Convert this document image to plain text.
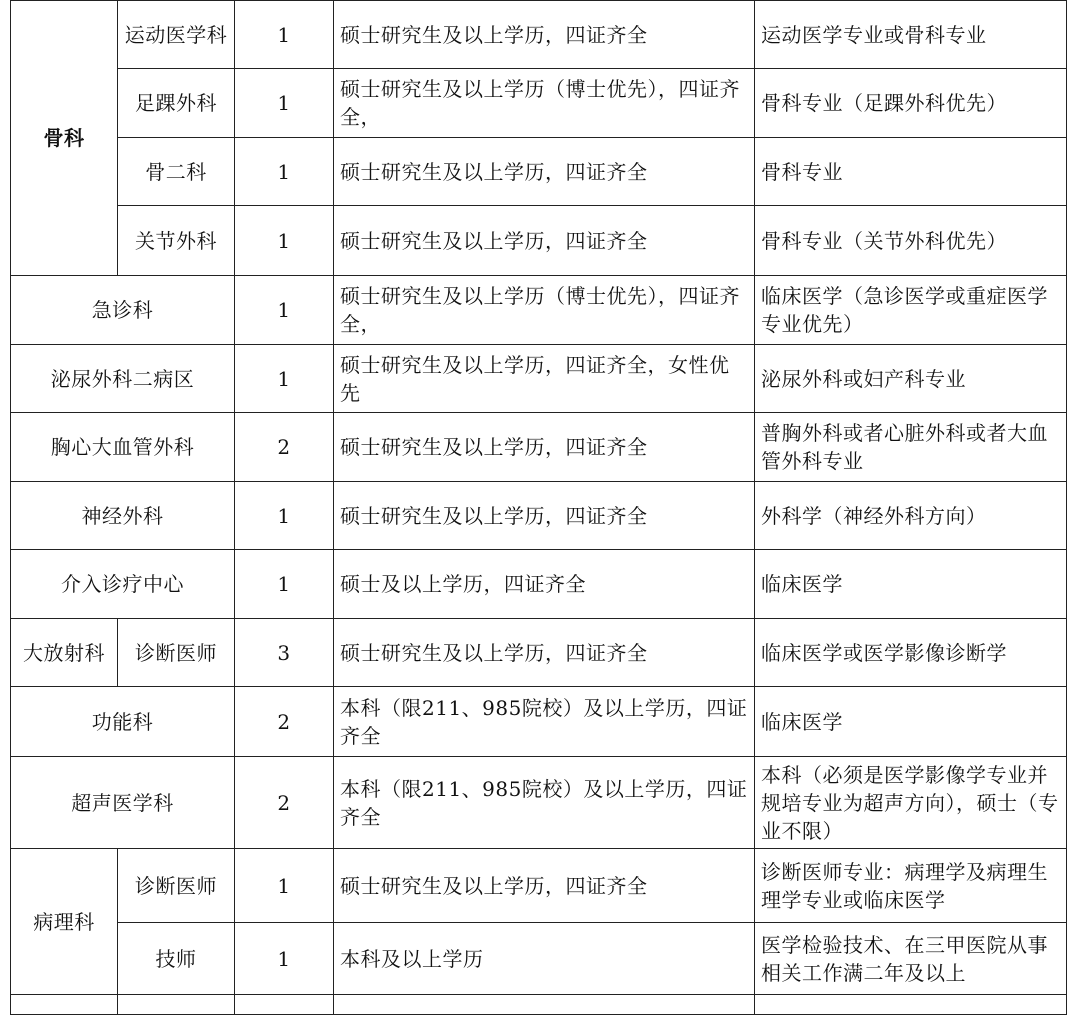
骨科	运动医学科	1	硕士研究生及以上学历，四证齐全	运动医学专业或骨科专业
	足踝外科	1	硕士研究生及以上学历（博士优先），四证齐全，	骨科专业（足踝外科优先）
	骨二科	1	硕士研究生及以上学历，四证齐全	骨科专业
	关节外科	1	硕士研究生及以上学历，四证齐全	骨科专业（关节外科优先）
急诊科		1	硕士研究生及以上学历（博士优先），四证齐全，	临床医学（急诊医学或重症医学专业优先）
泌尿外科二病区		1	硕士研究生及以上学历，四证齐全，女性优先	泌尿外科或妇产科专业
胸心大血管外科		2	硕士研究生及以上学历，四证齐全	普胸外科或者心脏外科或者大血管外科专业
神经外科		1	硕士研究生及以上学历，四证齐全	外科学（神经外科方向）
介入诊疗中心		1	硕士及以上学历，四证齐全	临床医学
大放射科	诊断医师	3	硕士研究生及以上学历，四证齐全	临床医学或医学影像诊断学
功能科		2	本科（限211、985院校）及以上学历，四证齐全	临床医学
超声医学科		2	本科（限211、985院校）及以上学历，四证齐全	本科（必须是医学影像学专业并规培专业为超声方向），硕士（专业不限）
病理科	诊断医师	1	硕士研究生及以上学历，四证齐全	诊断医师专业：病理学及病理生理学专业或临床医学
	技师	1	本科及以上学历	医学检验技术、在三甲医院从事相关工作满二年及以上
